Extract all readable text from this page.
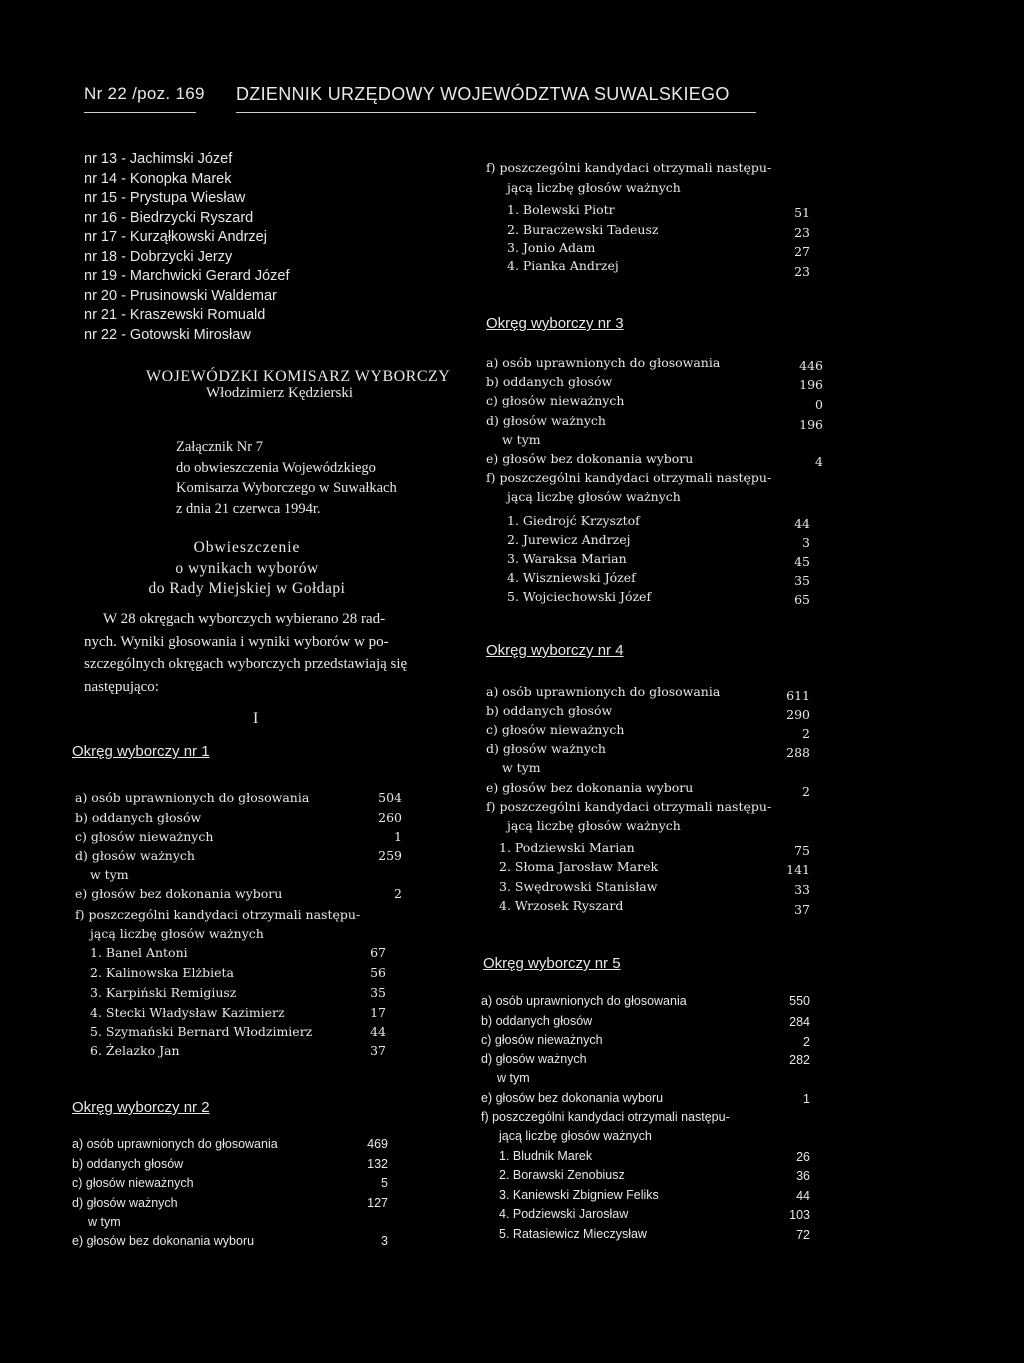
Nr 22 /poz. 169 DZIENNIK URZĘDOWY WOJEWÓDZTWA SUWALSKIEGO
nr 13 - Jachimski Józef
nr 14 - Konopka Marek
nr 15 - Prystupa Wiesław
nr 16 - Biedrzycki Ryszard
nr 17 - Kurząłkowski Andrzej
nr 18 - Dobrzycki Jerzy
nr 19 - Marchwicki Gerard Józef
nr 20 - Prusinowski Waldemar
nr 21 - Kraszewski Romuald
nr 22 - Gotowski Mirosław
WOJEWÓDZKI KOMISARZ WYBORCZY
Włodzimierz Kędzierski
Załącznik Nr 7
do obwieszczenia Wojewódzkiego
Komisarza Wyborczego w Suwałkach
z dnia 21 czerwca 1994r.
Obwieszczenie
o wynikach wyborów
do Rady Miejskiej w Gołdapi
W 28 okręgach wyborczych wybierano 28 rad-
nych. Wyniki głosowania i wyniki wyborów w po-
szczególnych okręgach wyborczych przedstawiają się
następująco:
I
Okręg wyborczy nr 1
a) osób uprawnionych do głosowania	504
b) oddanych głosów	260
c) głosów nieważnych	1
d) głosów ważnych	259
w tym
e) głosów bez dokonania wyboru	2
f) poszczególni kandydaci otrzymali następu-
jącą liczbę głosów ważnych
1. Banel Antoni	67
2. Kalinowska Elżbieta	56
3. Karpiński Remigiusz	35
4. Stecki Władysław Kazimierz	17
5. Szymański Bernard Włodzimierz	44
6. Żelazko Jan	37
Okręg wyborczy nr 2
a) osób uprawnionych do głosowania	469
b) oddanych głosów	132
c) głosów nieważnych	5
d) głosów ważnych	127
w tym
e) głosów bez dokonania wyboru	3
f) poszczególni kandydaci otrzymali następu-
jącą liczbę głosów ważnych
1. Bolewski Piotr	51
2. Buraczewski Tadeusz	23
3. Jonio Adam	27
4. Pianka Andrzej	23
Okręg wyborczy nr 3
a) osób uprawnionych do głosowania	446
b) oddanych głosów	196
c) głosów nieważnych	0
d) głosów ważnych	196
w tym
e) głosów bez dokonania wyboru	4
f) poszczególni kandydaci otrzymali następu-
jącą liczbę głosów ważnych
1. Giedrojć Krzysztof	44
2. Jurewicz Andrzej	3
3. Waraksa Marian	45
4. Wiszniewski Józef	35
5. Wojciechowski Józef	65
Okręg wyborczy nr 4
a) osób uprawnionych do głosowania	611
b) oddanych głosów	290
c) głosów nieważnych	2
d) głosów ważnych	288
w tym
e) głosów bez dokonania wyboru	2
f) poszczególni kandydaci otrzymali następu-
jącą liczbę głosów ważnych
1. Podziewski Marian	75
2. Słoma Jarosław Marek	141
3. Swędrowski Stanisław	33
4. Wrzosek Ryszard	37
Okręg wyborczy nr 5
a) osób uprawnionych do głosowania	550
b) oddanych głosów	284
c) głosów nieważnych	2
d) głosów ważnych	282
w tym
e) głosów bez dokonania wyboru	1
f) poszczególni kandydaci otrzymali następu-
jącą liczbę głosów ważnych
1. Bludnik Marek	26
2. Borawski Zenobiusz	36
3. Kaniewski Zbigniew Feliks	44
4. Podziewski Jarosław	103
5. Ratasiewicz Mieczysław	72
